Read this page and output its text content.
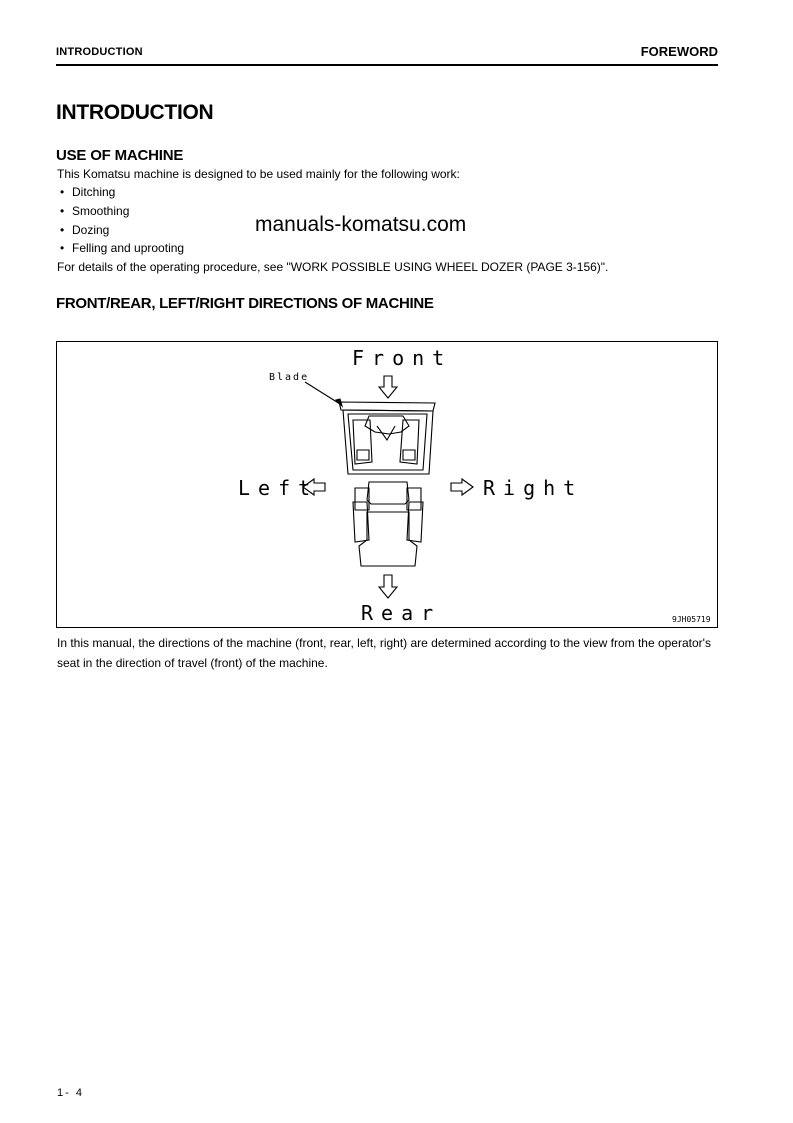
INTRODUCTION	FOREWORD
INTRODUCTION
USE OF MACHINE
This Komatsu machine is designed to be used mainly for the following work:
• Ditching
• Smoothing
• Dozing
• Felling and uprooting
manuals-komatsu.com
For details of the operating procedure, see "WORK POSSIBLE USING WHEEL DOZER (PAGE 3-156)".
FRONT/REAR, LEFT/RIGHT DIRECTIONS OF MACHINE
Front
Rear
Left	Right
Blade
9JH05719
In this manual, the directions of the machine (front, rear, left, right) are determined according to the view from the operator's seat in the direction of travel (front) of the machine.
1- 4
